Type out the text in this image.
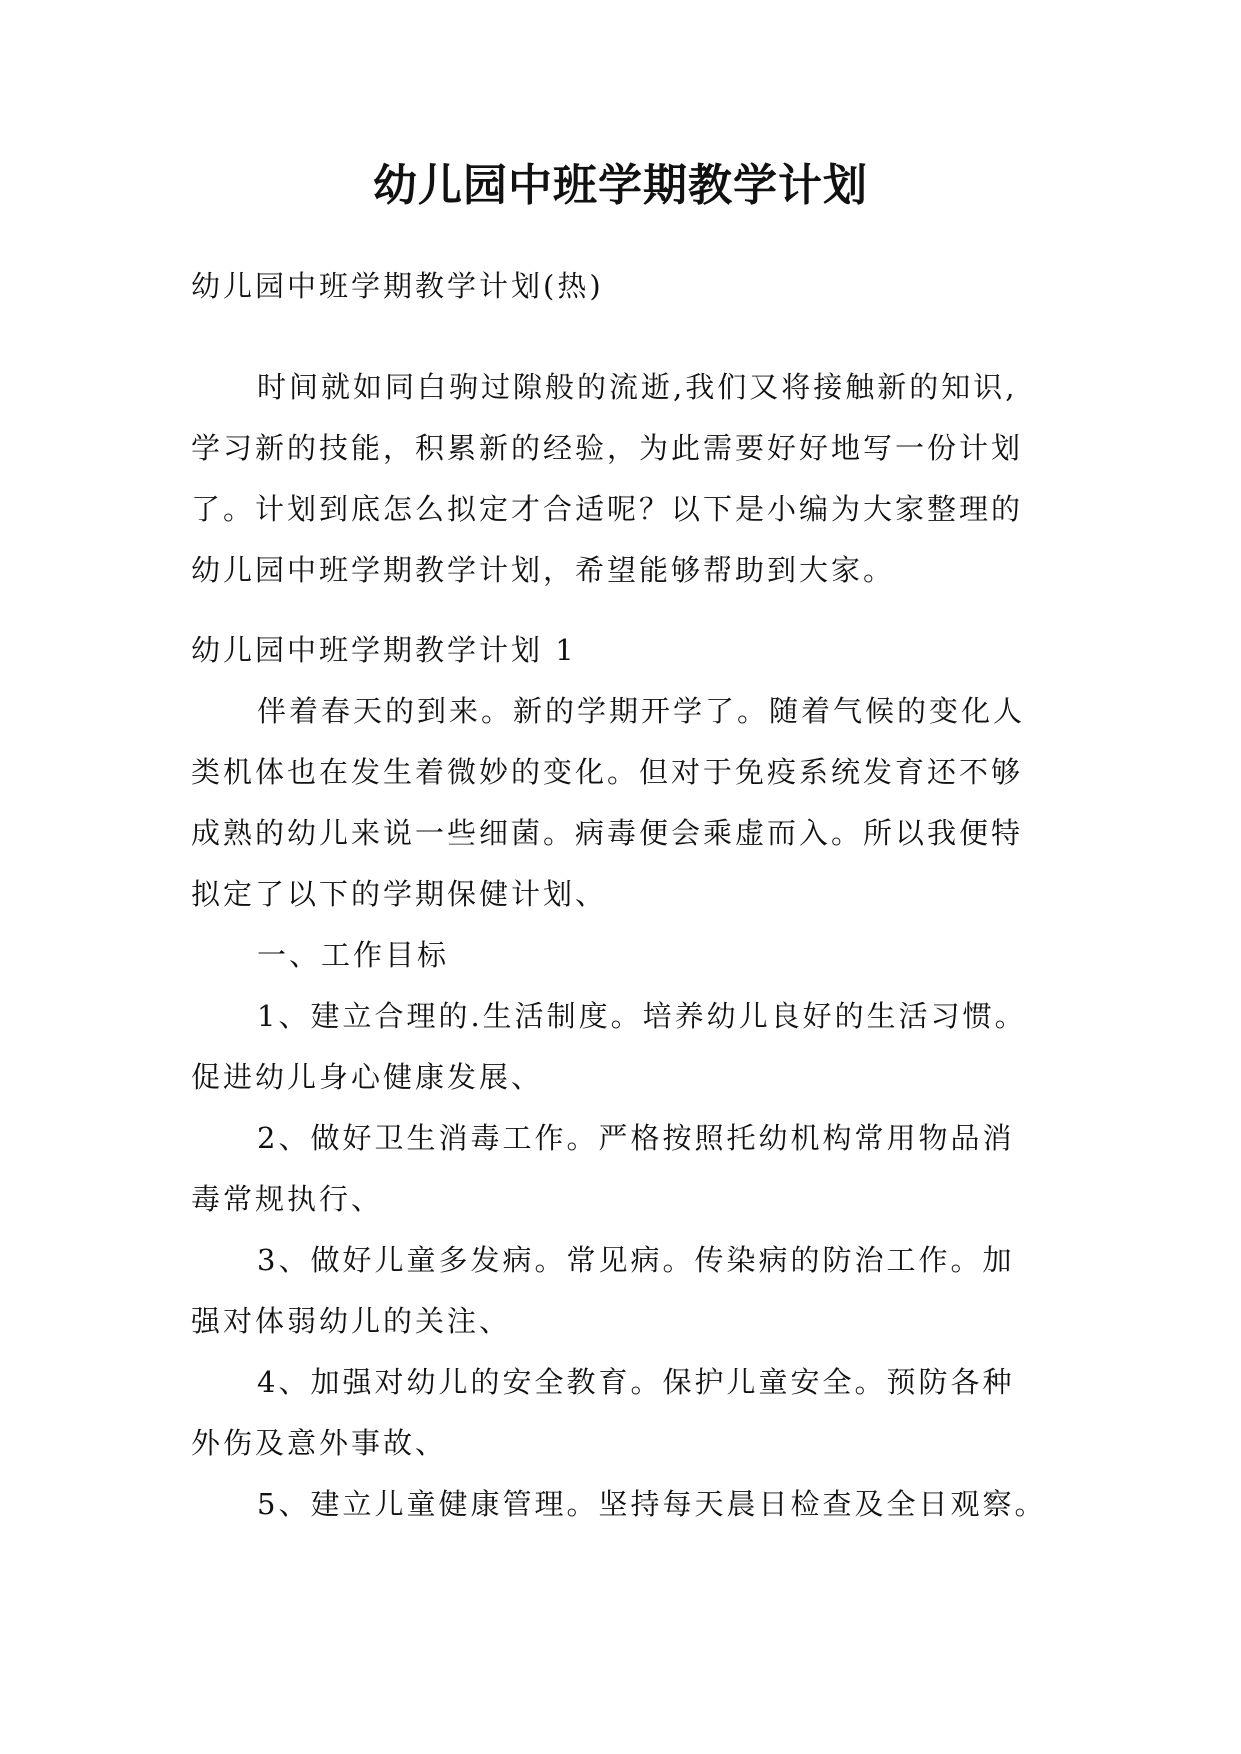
幼儿园中班学期教学计划
幼儿园中班学期教学计划(热)
时间就如同白驹过隙般的流逝,我们又将接触新的知识,
学习新的技能，积累新的经验，为此需要好好地写一份计划
了。计划到底怎么拟定才合适呢？以下是小编为大家整理的
幼儿园中班学期教学计划，希望能够帮助到大家。
幼儿园中班学期教学计划 1
伴着春天的到来。新的学期开学了。随着气候的变化人
类机体也在发生着微妙的变化。但对于免疫系统发育还不够
成熟的幼儿来说一些细菌。病毒便会乘虚而入。所以我便特
拟定了以下的学期保健计划、
一、工作目标
1、建立合理的.生活制度。培养幼儿良好的生活习惯。
促进幼儿身心健康发展、
2、做好卫生消毒工作。严格按照托幼机构常用物品消
毒常规执行、
3、做好儿童多发病。常见病。传染病的防治工作。加
强对体弱幼儿的关注、
4、加强对幼儿的安全教育。保护儿童安全。预防各种
外伤及意外事故、
5、建立儿童健康管理。坚持每天晨日检查及全日观察。
